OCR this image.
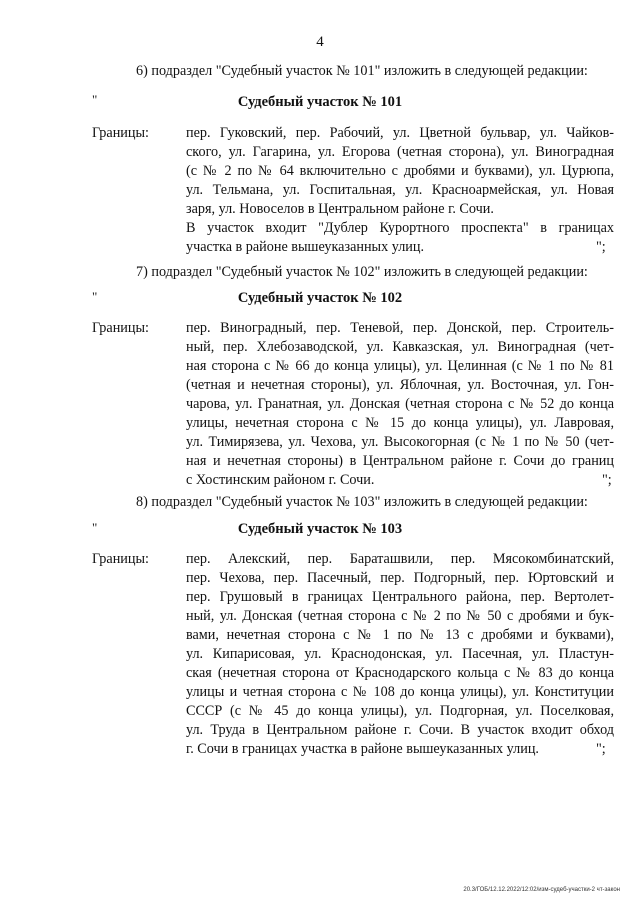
4
6) подраздел "Судебный участок № 101" изложить в следующей редакции:
"	Судебный участок № 101
Границы:	пер. Гуковский, пер. Рабочий, ул. Цветной бульвар, ул. Чайков-
ского, ул. Гагарина, ул. Егорова (четная сторона), ул. Виноградная
(с № 2 по № 64 включительно с дробями и буквами), ул. Цурюпа,
ул. Тельмана, ул. Госпитальная, ул. Красноармейская, ул. Новая
заря, ул. Новоселов в Центральном районе г. Сочи.
В участок входит "Дублер Курортного проспекта" в границах
участка в районе вышеуказанных улиц.	";
7) подраздел "Судебный участок № 102" изложить в следующей редакции:
"	Судебный участок № 102
Границы:	пер. Виноградный, пер. Теневой, пер. Донской, пер. Строитель-
ный, пер. Хлебозаводской, ул. Кавказская, ул. Виноградная (чет-
ная сторона с № 66 до конца улицы), ул. Целинная (с № 1 по № 81
(четная и нечетная стороны), ул. Яблочная, ул. Восточная, ул. Гон-
чарова, ул. Гранатная, ул. Донская (четная сторона с № 52 до конца
улицы, нечетная сторона с № 15 до конца улицы), ул. Лавровая,
ул. Тимирязева, ул. Чехова, ул. Высокогорная (с № 1 по № 50 (чет-
ная и нечетная стороны) в Центральном районе г. Сочи до границ
с Хостинским районом г. Сочи.	";
8) подраздел "Судебный участок № 103" изложить в следующей редакции:
"	Судебный участок № 103
Границы:	пер. Алекский, пер. Бараташвили, пер. Мясокомбинатский,
пер. Чехова, пер. Пасечный, пер. Подгорный, пер. Юртовский и
пер. Грушовый в границах Центрального района, пер. Вертолет-
ный, ул. Донская (четная сторона с № 2 по № 50 с дробями и бук-
вами, нечетная сторона с № 1 по № 13 с дробями и буквами),
ул. Кипарисовая, ул. Краснодонская, ул. Пасечная, ул. Пластун-
ская (нечетная сторона от Краснодарского кольца с № 83 до конца
улицы и четная сторона с № 108 до конца улицы), ул. Конституции
СССР (с № 45 до конца улицы), ул. Подгорная, ул. Поселковая,
ул. Труда в Центральном районе г. Сочи. В участок входит обход
г. Сочи в границах участка в районе вышеуказанных улиц.	";
20.3/ГОБ/12.12.2022/12:02/изм-судеб-участки-2 чт-закон
